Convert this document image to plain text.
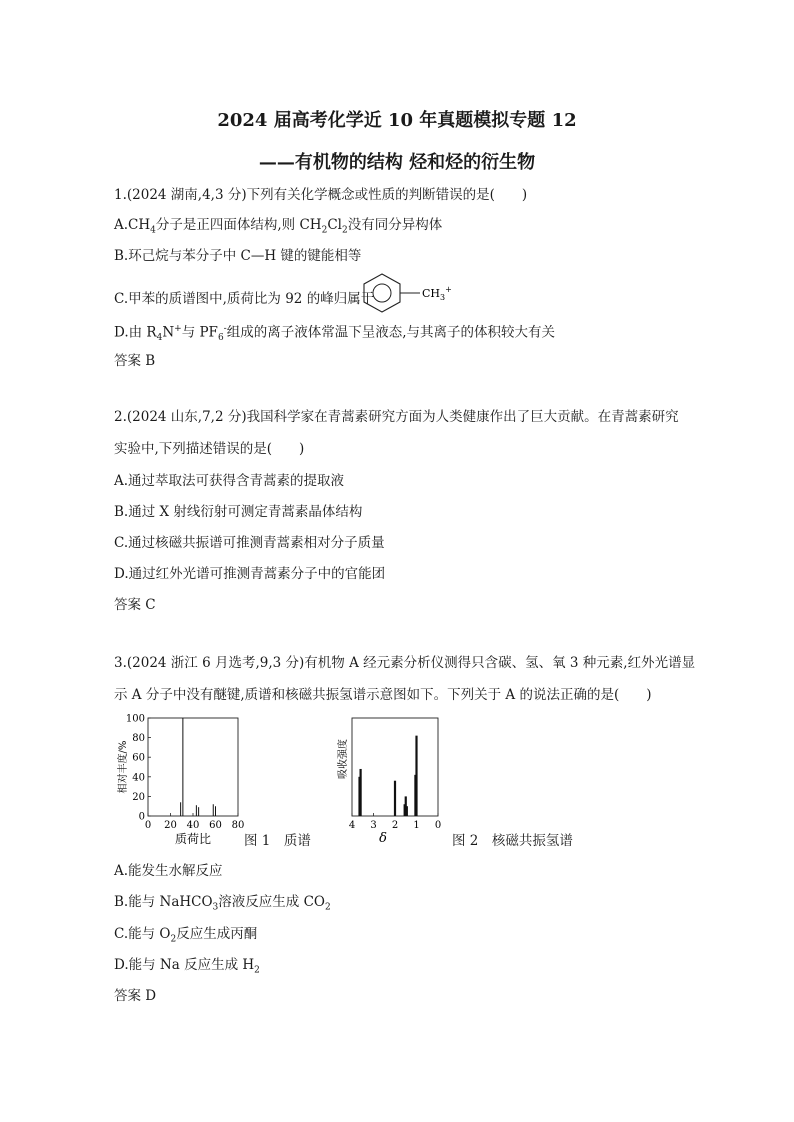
2024 届高考化学近 10 年真题模拟专题 12
——有机物的结构 烃和烃的衍生物
1.(2024 湖南,4,3 分)下列有关化学概念或性质的判断错误的是(　　)
$A.CH_4$分子是正四面体结构,则 $CH_2Cl_2$没有同分异构体
B.环己烷与苯分子中 C—H 键的键能相等
C.甲苯的质谱图中,质荷比为 92 的峰归属于	$CH_3^+$
D.由 $R_4N^+$与 $PF_6^-$组成的离子液体常温下呈液态,与其离子的体积较大有关
答案 B
2.(2024 山东,7,2 分)我国科学家在青蒿素研究方面为人类健康作出了巨大贡献。在青蒿素研究
实验中,下列描述错误的是(　　)
A.通过萃取法可获得含青蒿素的提取液
B.通过 X 射线衍射可测定青蒿素晶体结构
C.通过核磁共振谱可推测青蒿素相对分子质量
D.通过红外光谱可推测青蒿素分子中的官能团
答案 C
3.(2024 浙江 6 月选考,9,3 分)有机物 A 经元素分析仪测得只含碳、氢、氧 3 种元素,红外光谱显
示 A 分子中没有醚键,质谱和核磁共振氢谱示意图如下。下列关于 A 的说法正确的是(　　)
0
20
40
60
80
100
0 20 40 60 80
相对丰度/%
质荷比 图 1　质谱
4 3 2 1 0
吸收强度
δ	图 2　核磁共振氢谱
A.能发生水解反应
B.能与 NaHCO$_3$溶液反应生成 $CO_2$
C.能与 $O_2$反应生成丙酮
D.能与 Na 反应生成 $H_2$
答案 D
